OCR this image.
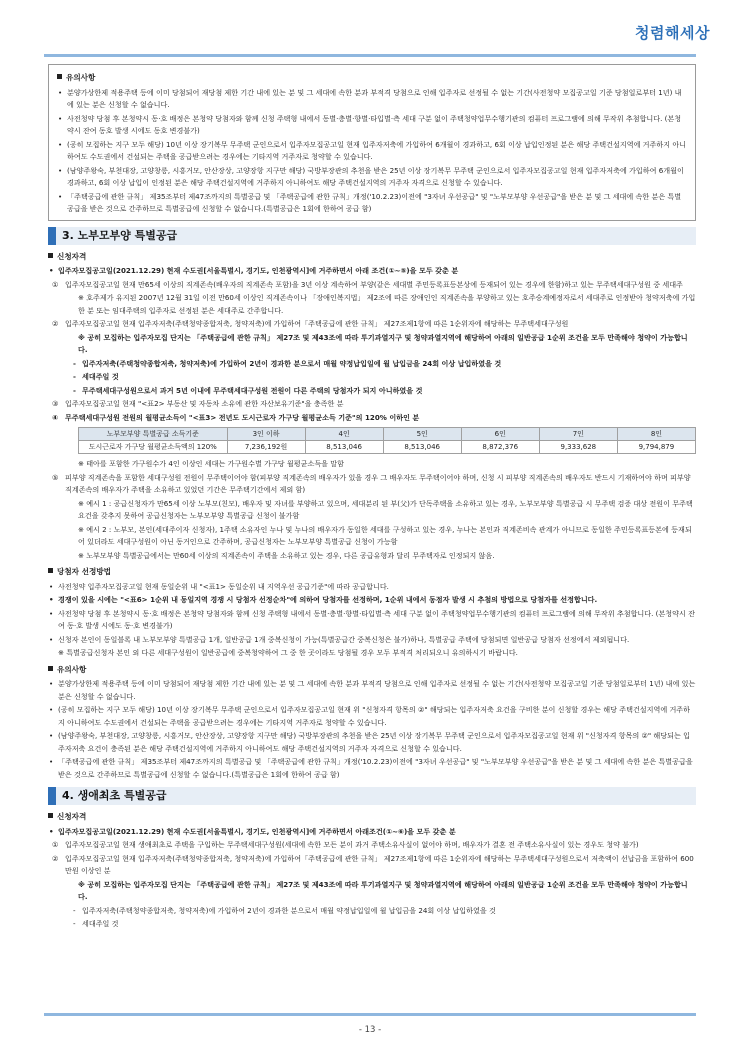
청렴해세상
유의사항
• 분양가상한제 적용주택 등에 이미 당첨되어 재당첨 제한 기간 내에 있는 분 및 그 세대에 속한 분과 부적격 당첨으로 인해 입주자로 선정될 수 없는 기간(사전청약 모집공고일 기준 당첨일로부터 1년) 내에 있는 분은 신청할 수 없습니다.
• 사전청약 당첨 후 본청약시 동·호 배정은 본청약 당첨자와 함께 신청 주택형 내에서 동별·층별·향별·타입별·측 세대 구분 없이 주택청약업무수행기관의 컴퓨터 프로그램에 의해 무작위 추첨합니다. (본청약시 잔여 동호 발생 시에도 동호 변경불가)
• (공히 모집하는 지구 모두 해당) 10년 이상 장기복무 무주택 군인으로서 입주자모집공고일 현재 입주자저축에 가입하여 6개월이 경과하고, 6회 이상 납입인정된 분은 해당 주택건설지역에 거주하지 아니하여도 수도권에서 건설되는 주택을 공급받으려는 경우에는 기타지역 거주자로 청약할 수 있습니다.
• (남양주왕숙, 부천대장, 고양창릉, 시흥거모, 안산장상, 고양장항 지구만 해당) 국방부장관의 추천을 받은 25년 이상 장기복무 무주택 군인으로서 입주자모집공고일 현재 입주자저축에 가입하여 6개월이 경과하고, 6회 이상 납입이 인정된 분은 해당 주택건설지역에 거주하지 아니하여도 해당 주택건설지역의 거주자 자격으로 신청할 수 있습니다.
• 「주택공급에 관한 규칙」 제35조부터 제47조까지의 특별공급 및 「주택공급에 관한 규칙」개정('10.2.23)이전에 "3자녀 우선공급" 및 "노부모부양 우선공급"을 받은 분 및 그 세대에 속한 분은 특별공급을 받은 것으로 간주하므로 특별공급에 신청할 수 없습니다.(특별공급은 1회에 한하여 공급 함)
3. 노부모부양 특별공급
신청자격
• 입주자모집공고일(2021.12.29) 현재 수도권[서울특별시, 경기도, 인천광역시]에 거주하면서 아래 조건(①~⑤)을 모두 갖춘 분
① 입주자모집공고일 현재 만65세 이상의 직계존속(배우자의 직계존속 포함)을 3년 이상 계속하여 부양(같은 세대별 주민등록표등본상에 등재되어 있는 경우에 한함)하고 있는 무주택세대구성원 중 세대주
※ 호주제가 유지된 2007년 12월 31일 이전 만60세 이상인 직계존속이나 「장애인복지법」 제2조에 따른 장애인인 직계존속을 부양하고 있는 호주승계예정자로서 세대주로 인정받아 청약저축에 가입한 분 또는 임대주택의 입주자로 선정된 분은 세대주로 간주합니다.
② 입주자모집공고일 현재 입주자저축(주택청약종합저축, 청약저축)에 가입하여「주택공급에 관한 규칙」 제27조제1항에 따른 1순위자에 해당하는 무주택세대구성원
※ 공히 모집하는 입주자모집 단지는 「주택공급에 관한 규칙」 제27조 및 제43조에 따라 투기과열지구 및 청약과열지역에 해당하여 아래의 일반공급 1순위 조건을 모두 만족해야 청약이 가능합니다.
- 입주자저축(주택청약종합저축, 청약저축)에 가입하여 2년이 경과한 분으로서 매월 약정납입일에 월 납입금을 24회 이상 납입하였을 것
- 세대주일 것
- 무주택세대구성원으로서 과거 5년 이내에 무주택세대구성원 전원이 다른 주택의 당첨자가 되지 아니하였을 것
③ 입주자모집공고일 현재 "<표2> 부동산 및 자동차 소유에 관한 자산보유기준"을 충족한 분
④ 무주택세대구성원 전원의 월평균소득이 "<표3> 전년도 도시근로자 가구당 월평균소득 기준"의 120% 이하인 분
노부모부양 특별공급 소득기준	3인 이하	4인	5인	6인	7인	8인
도시근로자 가구당 월평균소득액의 120%	7,236,192원	8,513,046	8,513,046	8,872,376	9,333,628	9,794,879
※ 태아를 포함한 가구원수가 4인 이상인 세대는 가구원수별 가구당 월평균소득을 말함
⑤ 피부양 직계존속을 포함한 세대구성원 전원이 무주택이어야 함(피부양 직계존속의 배우자가 있을 경우 그 배우자도 무주택이어야 하며, 신청 시 피부양 직계존속의 배우자도 반드시 기재하여야 하며 피부양 직계존속의 배우자가 주택을 소유하고 있었던 기간은 무주택기간에서 제외 함)
※ 예시 1 : 공급신청자가 만65세 이상 노부모(친모), 배우자 및 자녀를 부양하고 있으며, 세대분리 된 부(父)가 단독주택을 소유하고 있는 경우, 노부모부양 특별공급 시 무주택 검증 대상 전원이 무주택요건을 갖추지 못하여 공급신청자는 노부모부양 특별공급 신청이 불가함
※ 예시 2 : 노부모, 본인(세대주이자 신청자), 1주택 소유자인 누나 및 누나의 배우자가 동일한 세대를 구성하고 있는 경우, 누나는 본인과 직계존비속 관계가 아니므로 동일한 주민등록표등본에 등재되어 있더라도 세대구성원이 아닌 동거인으로 간주하며, 공급신청자는 노부모부양 특별공급 신청이 가능함
※ 노부모부양 특별공급에서는 만60세 이상의 직계존속이 주택을 소유하고 있는 경우, 다른 공급유형과 달리 무주택자로 인정되지 않음.
당첨자 선정방법
• 사전청약 입주자모집공고일 현재 동일순위 내 "<표1> 동일순위 내 지역우선 공급기준"에 따라 공급합니다.
• 경쟁이 있을 시에는 "<표6> 1순위 내 동일지역 경쟁 시 당첨자 선정순차"에 의하여 당첨자를 선정하며, 1순위 내에서 동점자 발생 시 추첨의 방법으로 당첨자를 선정합니다.
• 사전청약 당첨 후 본청약시 동·호 배정은 본청약 당첨자와 함께 신청 주택형 내에서 동별·층별·향별·타입별·측 세대 구분 없이 주택청약업무수행기관의 컴퓨터 프로그램에 의해 무작위 추첨합니다. (본청약시 잔여 동·호 발생 시에도 동·호 변경불가)
• 신청자 본인이 동일블록 내 노부모부양 특별공급 1개, 일반공급 1개 중복신청이 가능(특별공급간 중복신청은 불가)하나, 특별공급 주택에 당첨되면 일반공급 당첨자 선정에서 제외됩니다.
※ 특별공급신청자 본인 외 다른 세대구성원이 일반공급에 중복청약하여 그 중 한 곳이라도 당첨될 경우 모두 부적격 처리되오니 유의하시기 바랍니다.
유의사항
• 분양가상한제 적용주택 등에 이미 당첨되어 재당첨 제한 기간 내에 있는 분 및 그 세대에 속한 분과 부적격 당첨으로 인해 입주자로 선정될 수 없는 기간(사전청약 모집공고일 기준 당첨일로부터 1년) 내에 있는 분은 신청할 수 없습니다.
• (공히 모집하는 지구 모두 해당) 10년 이상 장기복무 무주택 군인으로서 입주자모집공고일 현재 위 "신청자격 항목의 ②" 해당되는 입주자저축 요건을 구비한 분이 신청할 경우는 해당 주택건설지역에 거주하지 아니하여도 수도권에서 건설되는 주택을 공급받으려는 경우에는 기타지역 거주자로 청약할 수 있습니다.
• (남양주왕숙, 부천대장, 고양창릉, 시흥거모, 안산장상, 고양장항 지구만 해당) 국방부장관의 추천을 받은 25년 이상 장기복무 무주택 군인으로서 입주자모집공고일 현재 위 "신청자격 항목의 ②" 해당되는 입주자저축 요건이 충족된 분은 해당 주택건설지역에 거주하지 아니하여도 해당 주택건설지역의 거주자 자격으로 신청할 수 있습니다.
• 「주택공급에 관한 규칙」 제35조부터 제47조까지의 특별공급 및 「주택공급에 관한 규칙」개정('10.2.23)이전에 "3자녀 우선공급" 및 "노부모부양 우선공급"을 받은 분 및 그 세대에 속한 분은 특별공급을 받은 것으로 간주하므로 특별공급에 신청할 수 없습니다.(특별공급은 1회에 한하여 공급 함)
4. 생애최초 특별공급
신청자격
• 입주자모집공고일(2021.12.29) 현재 수도권[서울특별시, 경기도, 인천광역시]에 거주하면서 아래조건(①~⑥)을 모두 갖춘 분
① 입주자모집공고일 현재 생애최초로 주택을 구입하는 무주택세대구성원(세대에 속한 모든 분이 과거 주택소유사실이 없어야 하며, 배우자가 결혼 전 주택소유사실이 있는 경우도 청약 불가)
② 입주자모집공고일 현재 입주자저축(주택청약종합저축, 청약저축)에 가입하여「주택공급에 관한 규칙」 제27조제1항에 따른 1순위자에 해당하는 무주택세대구성원으로서 저축액이 선납금을 포함하여 600만원 이상인 분
※ 공히 모집하는 입주자모집 단지는 「주택공급에 관한 규칙」 제27조 및 제43조에 따라 투기과열지구 및 청약과열지역에 해당하여 아래의 일반공급 1순위 조건을 모두 만족해야 청약이 가능합니다.
- 입주자저축(주택청약종합저축, 청약저축)에 가입하여 2년이 경과한 분으로서 매월 약정납입일에 월 납입금을 24회 이상 납입하였을 것
- 세대주일 것
- 13 -
